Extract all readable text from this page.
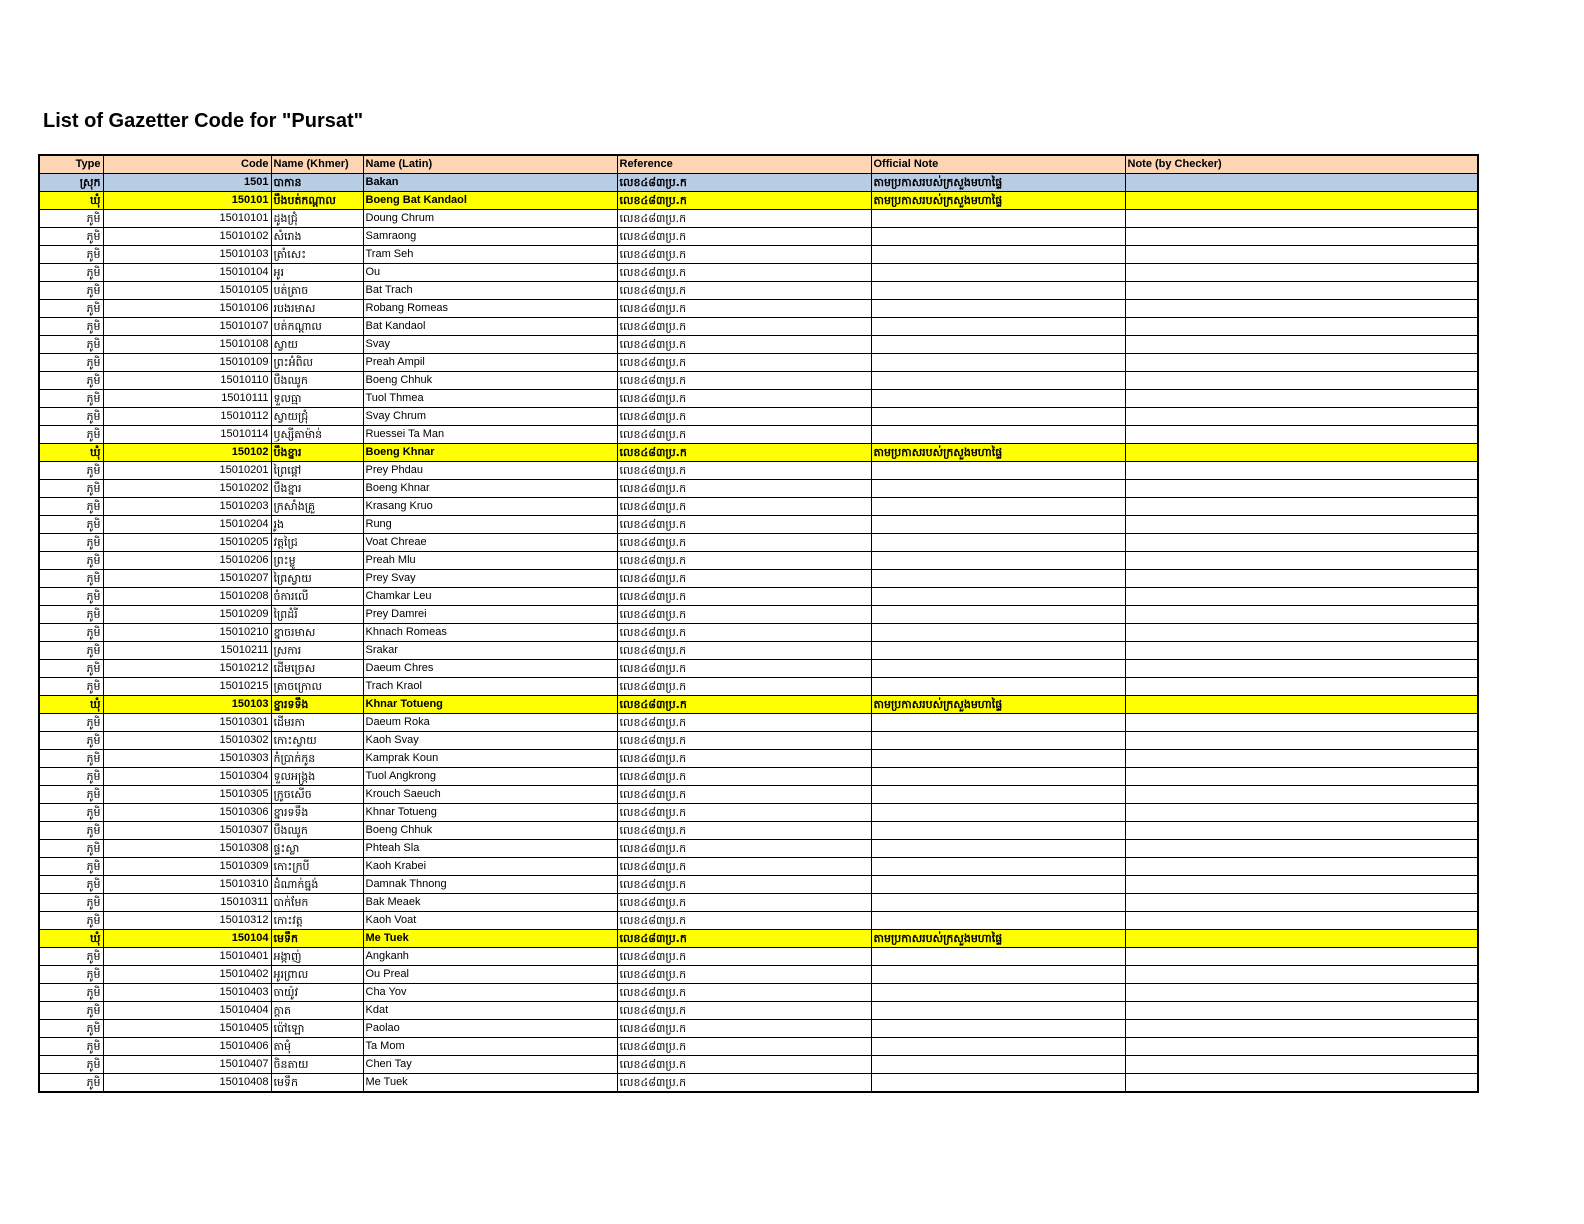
List of Gazetter Code for "Pursat"
Type	Code	Name (Khmer)	Name (Latin)	Reference	Official Note	Note (by Checker)
ស្រុក	1501	បាកាន	Bakan	លេខ៤៨៣ប្រ.ក	តាមប្រកាសរបស់ក្រសួងមហាផ្ទៃ	
ឃុំ	150101	បឹងបត់កណ្ដាល	Boeng Bat Kandaol	លេខ៤៨៣ប្រ.ក	តាមប្រកាសរបស់ក្រសួងមហាផ្ទៃ	
ភូមិ	15010101	ដូងជ្រុំ	Doung Chrum	លេខ៤៨៣ប្រ.ក		
ភូមិ	15010102	សំរោង	Samraong	លេខ៤៨៣ប្រ.ក		
ភូមិ	15010103	ត្រាំសេះ	Tram Seh	លេខ៤៨៣ប្រ.ក		
ភូមិ	15010104	អូរ	Ou	លេខ៤៨៣ប្រ.ក		
ភូមិ	15010105	បត់ត្រាច	Bat Trach	លេខ៤៨៣ប្រ.ក		
ភូមិ	15010106	របងរមាស	Robang Romeas	លេខ៤៨៣ប្រ.ក		
ភូមិ	15010107	បត់កណ្ដាល	Bat Kandaol	លេខ៤៨៣ប្រ.ក		
ភូមិ	15010108	ស្វាយ	Svay	លេខ៤៨៣ប្រ.ក		
ភូមិ	15010109	ព្រះអំពិល	Preah Ampil	លេខ៤៨៣ប្រ.ក		
ភូមិ	15010110	បឹងឈូក	Boeng Chhuk	លេខ៤៨៣ប្រ.ក		
ភូមិ	15010111	ទួលធ្មា	Tuol Thmea	លេខ៤៨៣ប្រ.ក		
ភូមិ	15010112	ស្វាយជ្រុំ	Svay Chrum	លេខ៤៨៣ប្រ.ក		
ភូមិ	15010114	ឫស្សីតាម៉ាន់	Ruessei Ta Man	លេខ៤៨៣ប្រ.ក		
ឃុំ	150102	បឹងខ្នារ	Boeng Khnar	លេខ៤៨៣ប្រ.ក	តាមប្រកាសរបស់ក្រសួងមហាផ្ទៃ	
ភូមិ	15010201	ព្រៃផ្ដៅ	Prey Phdau	លេខ៤៨៣ប្រ.ក		
ភូមិ	15010202	បឹងខ្នារ	Boeng Khnar	លេខ៤៨៣ប្រ.ក		
ភូមិ	15010203	ក្រសាំងគ្រួ	Krasang Kruo	លេខ៤៨៣ប្រ.ក		
ភូមិ	15010204	រូង	Rung	លេខ៤៨៣ប្រ.ក		
ភូមិ	15010205	វត្តជ្រៃ	Voat Chreae	លេខ៤៨៣ប្រ.ក		
ភូមិ	15010206	ព្រះម្លូ	Preah Mlu	លេខ៤៨៣ប្រ.ក		
ភូមិ	15010207	ព្រៃស្វាយ	Prey Svay	លេខ៤៨៣ប្រ.ក		
ភូមិ	15010208	ចំការលើ	Chamkar Leu	លេខ៤៨៣ប្រ.ក		
ភូមិ	15010209	ព្រៃដំរី	Prey Damrei	លេខ៤៨៣ប្រ.ក		
ភូមិ	15010210	ខ្នាចរមាស	Khnach Romeas	លេខ៤៨៣ប្រ.ក		
ភូមិ	15010211	ស្រការ	Srakar	លេខ៤៨៣ប្រ.ក		
ភូមិ	15010212	ដើមច្រេស	Daeum Chres	លេខ៤៨៣ប្រ.ក		
ភូមិ	15010215	ត្រាចក្រោល	Trach Kraol	លេខ៤៨៣ប្រ.ក		
ឃុំ	150103	ខ្នារទទឹង	Khnar Totueng	លេខ៤៨៣ប្រ.ក	តាមប្រកាសរបស់ក្រសួងមហាផ្ទៃ	
ភូមិ	15010301	ដើមរកា	Daeum Roka	លេខ៤៨៣ប្រ.ក		
ភូមិ	15010302	កោះស្វាយ	Kaoh Svay	លេខ៤៨៣ប្រ.ក		
ភូមិ	15010303	កំប្រាក់កូន	Kamprak Koun	លេខ៤៨៣ប្រ.ក		
ភូមិ	15010304	ទួលអង្រ្កង	Tuol Angkrong	លេខ៤៨៣ប្រ.ក		
ភូមិ	15010305	ក្រូចសើច	Krouch Saeuch	លេខ៤៨៣ប្រ.ក		
ភូមិ	15010306	ខ្នារទទឹង	Khnar Totueng	លេខ៤៨៣ប្រ.ក		
ភូមិ	15010307	បឹងឈូក	Boeng Chhuk	លេខ៤៨៣ប្រ.ក		
ភូមិ	15010308	ផ្ទះស្លា	Phteah Sla	លេខ៤៨៣ប្រ.ក		
ភូមិ	15010309	កោះក្របី	Kaoh Krabei	លេខ៤៨៣ប្រ.ក		
ភូមិ	15010310	ដំណាក់ធ្នង់	Damnak Thnong	លេខ៤៨៣ប្រ.ក		
ភូមិ	15010311	បាក់មែក	Bak Meaek	លេខ៤៨៣ប្រ.ក		
ភូមិ	15010312	កោះវត្ត	Kaoh Voat	លេខ៤៨៣ប្រ.ក		
ឃុំ	150104	មេទឹក	Me Tuek	លេខ៤៨៣ប្រ.ក	តាមប្រកាសរបស់ក្រសួងមហាផ្ទៃ	
ភូមិ	15010401	អង្កាញ់	Angkanh	លេខ៤៨៣ប្រ.ក		
ភូមិ	15010402	អូរព្រាល	Ou Preal	លេខ៤៨៣ប្រ.ក		
ភូមិ	15010403	ចាយ៉ូវ	Cha Yov	លេខ៤៨៣ប្រ.ក		
ភូមិ	15010404	ក្ដាត	Kdat	លេខ៤៨៣ប្រ.ក		
ភូមិ	15010405	ប៉ៅឡោ	Paolao	លេខ៤៨៣ប្រ.ក		
ភូមិ	15010406	តាមុំ	Ta Mom	លេខ៤៨៣ប្រ.ក		
ភូមិ	15010407	ចិនតាយ	Chen Tay	លេខ៤៨៣ប្រ.ក		
ភូមិ	15010408	មេទឹក	Me Tuek	លេខ៤៨៣ប្រ.ក		
